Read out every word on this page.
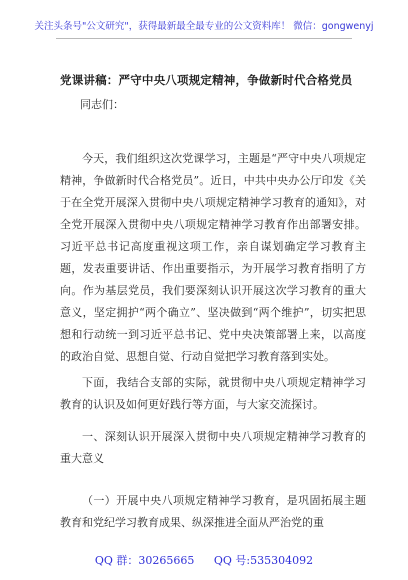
关注头条号"公文研究"，获得最新最全最专业的公文资料库！ 微信：gongwenyj
党课讲稿：严守中央八项规定精神，争做新时代合格党员
同志们：
今天，我们组织这次党课学习，主题是“严守中央八项规定精神，争做新时代合格党员”。近日，中共中央办公厅印发《关于在全党开展深入贯彻中央八项规定精神学习教育的通知》，对全党开展深入贯彻中央八项规定精神学习教育作出部署安排。习近平总书记高度重视这项工作，亲自谋划确定学习教育主题，发表重要讲话、作出重要指示，为开展学习教育指明了方向。作为基层党员，我们要深刻认识开展这次学习教育的重大意义，坚定拥护“两个确立”、坚决做到“两个维护”，切实把思想和行动统一到习近平总书记、党中央决策部署上来，以高度的政治自觉、思想自觉、行动自觉把学习教育落到实处。
下面，我结合支部的实际，就贯彻中央八项规定精神学习教育的认识及如何更好践行等方面，与大家交流探讨。
一、深刻认识开展深入贯彻中央八项规定精神学习教育的重大意义
（一）开展中央八项规定精神学习教育，是巩固拓展主题教育和党纪学习教育成果、纵深推进全面从严治党的重
QQ 群：30265665 QQ 号:535304092
